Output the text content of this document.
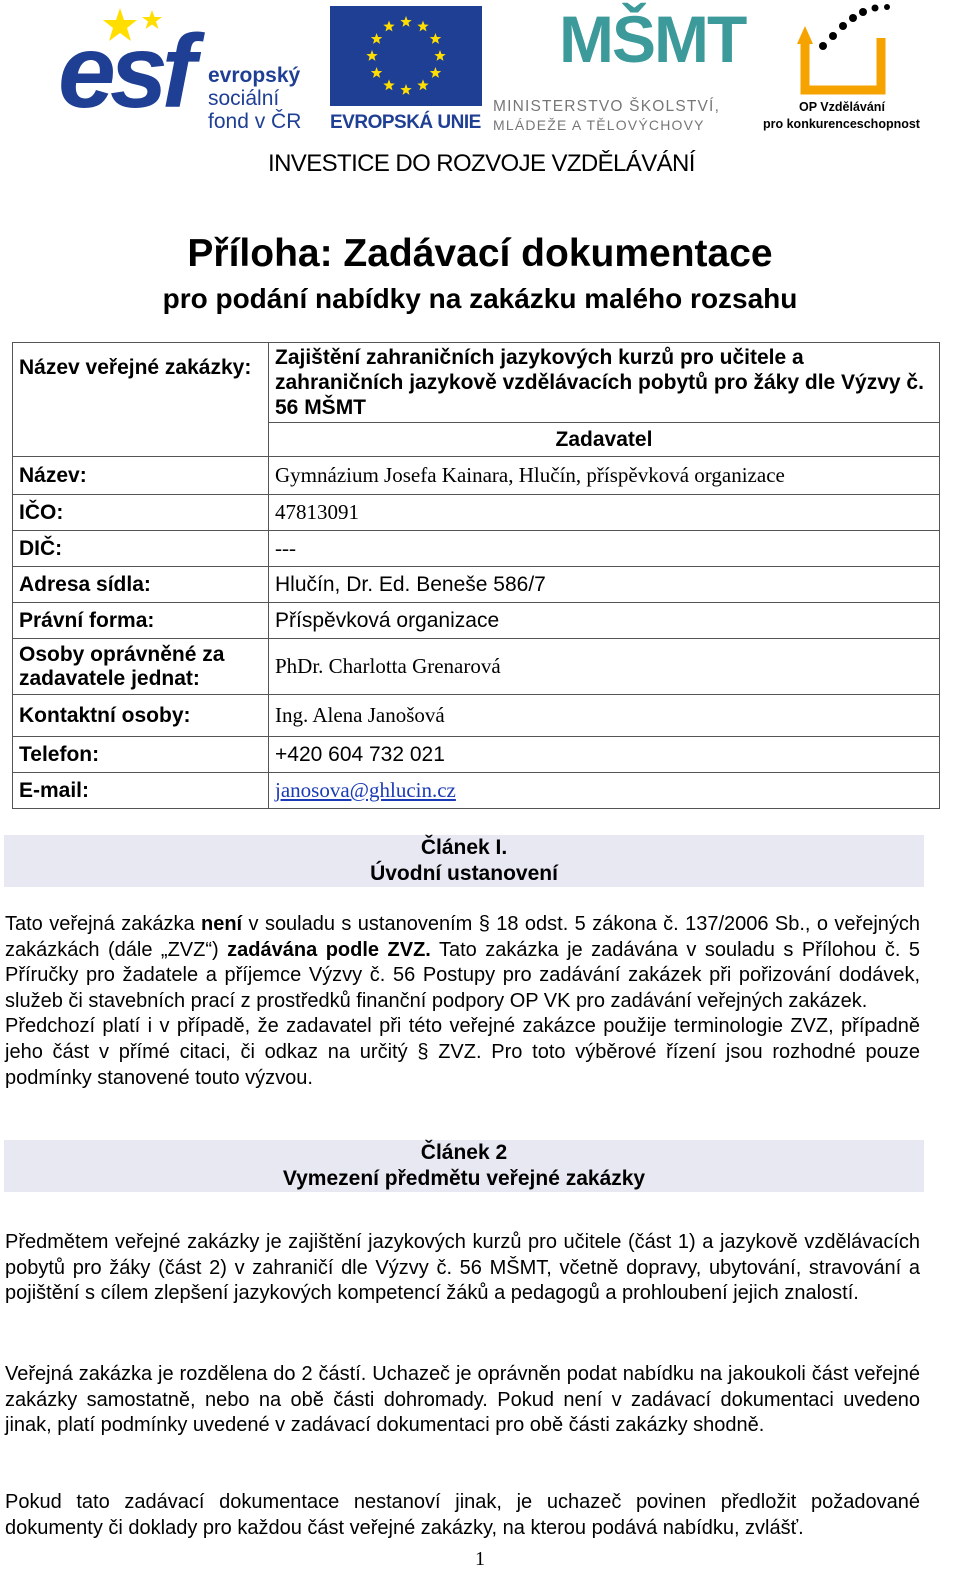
esf evropský
sociální
fond v ČR EVROPSKÁ UNIE
MŠMT
MINISTERSTVO ŠKOLSTVÍ,
MLÁDEŽE A TĚLOVÝCHOVY
2007-13
OP Vzdělávání
pro konkurenceschopnost
INVESTICE DO ROZVOJE VZDĚLÁVÁNÍ
Příloha: Zadávací dokumentace
pro podání nabídky na zakázku malého rozsahu
Název veřejné zakázky:	Zajištění zahraničních jazykových kurzů pro učitele a zahraničních jazykově vzdělávacích pobytů pro žáky dle Výzvy č. 56 MŠMT
	Zadavatel
Název:	Gymnázium Josefa Kainara, Hlučín, příspěvková organizace
IČO:	47813091
DIČ:	---
Adresa sídla:	Hlučín, Dr. Ed. Beneše 586/7
Právní forma:	Příspěvková organizace
Osoby oprávněné za zadavatele jednat:	PhDr. Charlotta Grenarová
Kontaktní osoby:	Ing. Alena Janošová
Telefon:	+420 604 732 021
E-mail:	janosova@ghlucin.cz
Článek I.
Úvodní ustanovení
Tato veřejná zakázka není v souladu s ustanovením § 18 odst. 5 zákona č. 137/2006 Sb., o veřejných zakázkách (dále „ZVZ“) zadávána podle ZVZ. Tato zakázka je zadávána v souladu s Přílohou č. 5 Příručky pro žadatele a příjemce Výzvy č. 56 Postupy pro zadávání zakázek při pořizování dodávek, služeb či stavebních prací z prostředků finanční podpory OP VK pro zadávání veřejných zakázek.
Předchozí platí i v případě, že zadavatel při této veřejné zakázce použije terminologie ZVZ, případně jeho část v přímé citaci, či odkaz na určitý § ZVZ. Pro toto výběrové řízení jsou rozhodné pouze podmínky stanovené touto výzvou.
Článek 2
Vymezení předmětu veřejné zakázky
Předmětem veřejné zakázky je zajištění jazykových kurzů pro učitele (část 1) a jazykově vzdělávacích pobytů pro žáky (část 2) v zahraničí dle Výzvy č. 56 MŠMT, včetně dopravy, ubytování, stravování a pojištění s cílem zlepšení jazykových kompetencí žáků a pedagogů a prohloubení jejich znalostí.
Veřejná zakázka je rozdělena do 2 částí. Uchazeč je oprávněn podat nabídku na jakoukoli část veřejné zakázky samostatně, nebo na obě části dohromady. Pokud není v zadávací dokumentaci uvedeno jinak, platí podmínky uvedené v zadávací dokumentaci pro obě části zakázky shodně.
Pokud tato zadávací dokumentace nestanoví jinak, je uchazeč povinen předložit požadované dokumenty či doklady pro každou část veřejné zakázky, na kterou podává nabídku, zvlášť.
1
